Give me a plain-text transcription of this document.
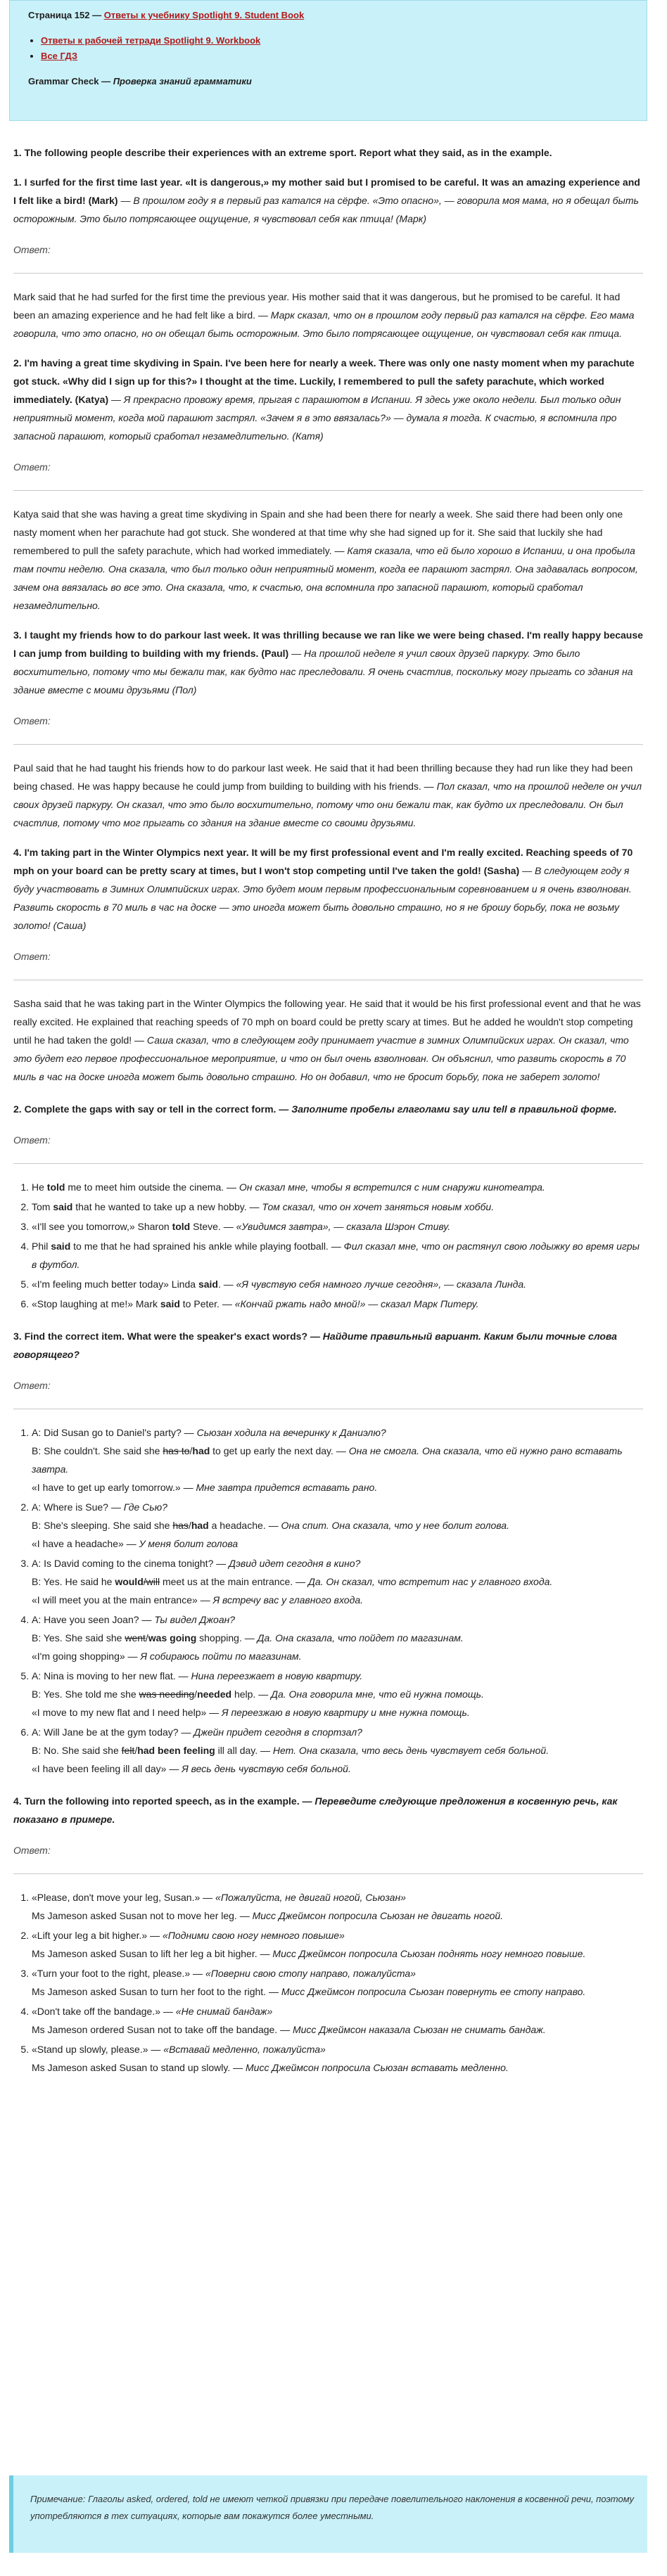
Страница 152 — Ответы к учебнику Spotlight 9. Student Book
• Ответы к рабочей тетради Spotlight 9. Workbook
• Все ГДЗ
Grammar Check — Проверка знаний грамматики
1. The following people describe their experiences with an extreme sport. Report what they said, as in the example.
1. I surfed for the first time last year. «It is dangerous,» my mother said but I promised to be careful. It was an amazing experience and I felt like a bird! (Mark) — В прошлом году я в первый раз катался на сёрфе. «Это опасно», — говорила моя мама, но я обещал быть осторожным. Это было потрясающее ощущение, я чувствовал себя как птица! (Марк)
Ответ:
Mark said that he had surfed for the first time the previous year. His mother said that it was dangerous, but he promised to be careful. It had been an amazing experience and he had felt like a bird. — Марк сказал, что он в прошлом году первый раз катался на сёрфе. Его мама говорила, что это опасно, но он обещал быть осторожным. Это было потрясающее ощущение, он чувствовал себя как птица.
2. I'm having a great time skydiving in Spain. I've been here for nearly a week. There was only one nasty moment when my parachute got stuck. «Why did I sign up for this?» I thought at the time. Luckily, I remembered to pull the safety parachute, which worked immediately. (Katya) — Я прекрасно провожу время, прыгая с парашютом в Испании. Я здесь уже около недели. Был только один неприятный момент, когда мой парашют застрял. «Зачем я в это ввязалась?» — думала я тогда. К счастью, я вспомнила про запасной парашют, который сработал незамедлительно. (Катя)
Ответ:
Katya said that she was having a great time skydiving in Spain and she had been there for nearly a week. She said there had been only one nasty moment when her parachute had got stuck. She wondered at that time why she had signed up for it. She said that luckily she had remembered to pull the safety parachute, which had worked immediately. — Катя сказала, что ей было хорошо в Испании, и она пробыла там почти неделю. Она сказала, что был только один неприятный момент, когда ее парашют застрял. Она задавалась вопросом, зачем она ввязалась во все это. Она сказала, что, к счастью, она вспомнила про запасной парашют, который сработал незамедлительно.
3. I taught my friends how to do parkour last week. It was thrilling because we ran like we were being chased. I'm really happy because I can jump from building to building with my friends. (Paul) — На прошлой неделе я учил своих друзей паркуру. Это было восхитительно, потому что мы бежали так, как будто нас преследовали. Я очень счастлив, поскольку могу прыгать со здания на здание вместе с моими друзьями (Пол)
Ответ:
Paul said that he had taught his friends how to do parkour last week. He said that it had been thrilling because they had run like they had been being chased. He was happy because he could jump from building to building with his friends. — Пол сказал, что на прошлой неделе он учил своих друзей паркуру. Он сказал, что это было восхитительно, потому что они бежали так, как будто их преследовали. Он был счастлив, потому что мог прыгать со здания на здание вместе со своими друзьями.
4. I'm taking part in the Winter Olympics next year. It will be my first professional event and I'm really excited. Reaching speeds of 70 mph on your board can be pretty scary at times, but I won't stop competing until I've taken the gold! (Sasha) — В следующем году я буду участвовать в Зимних Олимпийских играх. Это будет моим первым профессиональным соревнованием и я очень взволнован. Развить скорость в 70 миль в час на доске — это иногда может быть довольно страшно, но я не брошу борьбу, пока не возьму золото! (Саша)
Ответ:
Sasha said that he was taking part in the Winter Olympics the following year. He said that it would be his first professional event and that he was really excited. He explained that reaching speeds of 70 mph on board could be pretty scary at times. But he added he wouldn't stop competing until he had taken the gold! — Саша сказал, что в следующем году принимает участие в зимних Олимпийских играх. Он сказал, что это будет его первое профессиональное мероприятие, и что он был очень взволнован. Он объяснил, что развить скорость в 70 миль в час на доске иногда может быть довольно страшно. Но он добавил, что не бросит борьбу, пока не заберет золото!
2. Complete the gaps with say or tell in the correct form. — Заполните пробелы глаголами say или tell в правильной форме.
Ответ:
1. He told me to meet him outside the cinema. — Он сказал мне, чтобы я встретился с ним снаружи кинотеатра.
2. Tom said that he wanted to take up a new hobby. — Том сказал, что он хочет заняться новым хобби.
3. «I'll see you tomorrow,» Sharon told Steve. — «Увидимся завтра», — сказала Шэрон Стиву.
4. Phil said to me that he had sprained his ankle while playing football. — Фил сказал мне, что он растянул свою лодыжку во время игры в футбол.
5. «I'm feeling much better today» Linda said. — «Я чувствую себя намного лучше сегодня», — сказала Линда.
6. «Stop laughing at me!» Mark said to Peter. — «Кончай ржать надо мной!» — сказал Марк Питеру.
3. Find the correct item. What were the speaker's exact words? — Найдите правильный вариант. Каким были точные слова говорящего?
Ответ:
1. A: Did Susan go to Daniel's party? — Сьюзан ходила на вечеринку к Даниэлю?
B: She couldn't. She said she has to/had to get up early the next day. — Она не смогла. Она сказала, что ей нужно рано вставать завтра.
«I have to get up early tomorrow.» — Мне завтра придется вставать рано.
2. A: Where is Sue? — Где Сью?
B: She's sleeping. She said she has/had a headache. — Она спит. Она сказала, что у нее болит голова.
«I have a headache» — У меня болит голова
3. A: Is David coming to the cinema tonight? — Дэвид идет сегодня в кино?
B: Yes. He said he would/will meet us at the main entrance. — Да. Он сказал, что встретит нас у главного входа.
«I will meet you at the main entrance» — Я встречу вас у главного входа.
4. A: Have you seen Joan? — Ты видел Джоан?
B: Yes. She said she went/was going shopping. — Да. Она сказала, что пойдет по магазинам.
«I'm going shopping» — Я собираюсь пойти по магазинам.
5. A: Nina is moving to her new flat. — Нина переезжает в новую квартиру.
B: Yes. She told me she was needing/needed help. — Да. Она говорила мне, что ей нужна помощь.
«I move to my new flat and I need help» — Я переезжаю в новую квартиру и мне нужна помощь.
6. A: Will Jane be at the gym today? — Джейн придет сегодня в спортзал?
B: No. She said she felt/had been feeling ill all day. — Нет. Она сказала, что весь день чувствует себя больной.
«I have been feeling ill all day» — Я весь день чувствую себя больной.
4. Turn the following into reported speech, as in the example. — Переведите следующие предложения в косвенную речь, как показано в примере.
Ответ:
1. «Please, don't move your leg, Susan.» — «Пожалуйста, не двигай ногой, Сьюзан»
Ms Jameson asked Susan not to move her leg. — Мисс Джеймсон попросила Сьюзан не двигать ногой.
2. «Lift your leg a bit higher.» — «Подними свою ногу немного повыше»
Ms Jameson asked Susan to lift her leg a bit higher. — Мисс Джеймсон попросила Сьюзан поднять ногу немного повыше.
3. «Turn your foot to the right, please.» — «Поверни свою стопу направо, пожалуйста»
Ms Jameson asked Susan to turn her foot to the right. — Мисс Джеймсон попросила Сьюзан повернуть ее стопу направо.
4. «Don't take off the bandage.» — «Не снимай бандаж»
Ms Jameson ordered Susan not to take off the bandage. — Мисс Джеймсон наказала Сьюзан не снимать бандаж.
5. «Stand up slowly, please.» — «Вставай медленно, пожалуйста»
Ms Jameson asked Susan to stand up slowly. — Мисс Джеймсон попросила Сьюзан вставать медленно.
Примечание: Глаголы asked, ordered, told не имеют четкой привязки при передаче повелительного наклонения в косвенной речи, поэтому употребляются в тех ситуациях, которые вам покажутся более уместными.
